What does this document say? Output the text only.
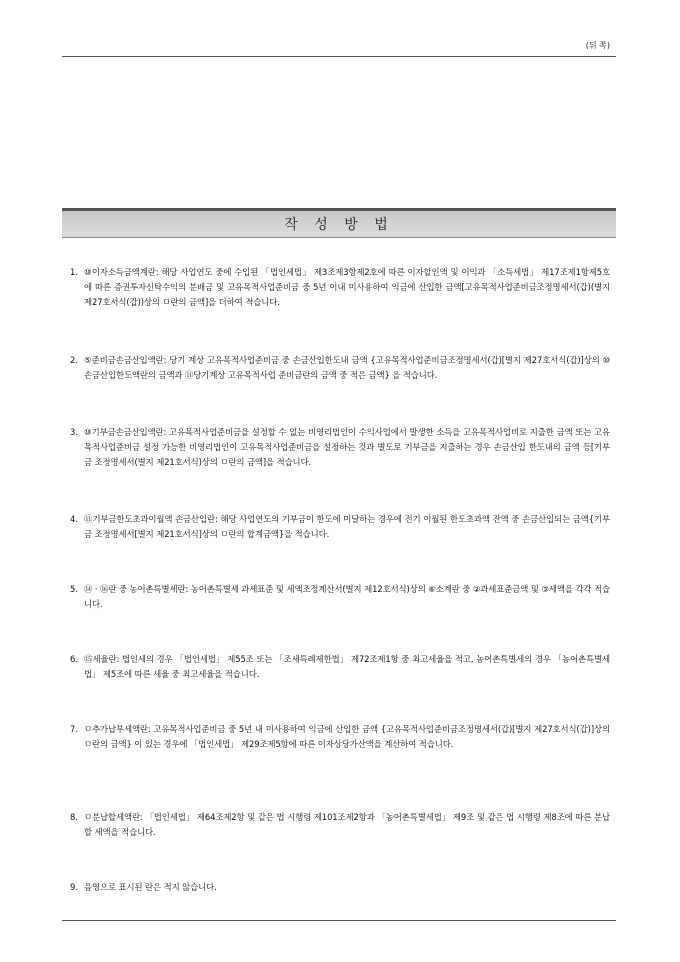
(뒤 쪽)
작 성 방 법
1. ⑩이자소득금액계란: 해당 사업연도 중에 수입된 「법인세법」 제3조제3항제2호에 따른 이자할인액 및 이익과 「소득세법」 제17조제1항제5호에 따른 증권투자신탁수익의 분배금 및 고유목적사업준비금 중 5년 이내 미사용하여 익금에 산입한 금액[고유목적사업준비금조정명세서(갑)(별지 제27호서식(갑))상의 ㅁ란의 금액]을 더하여 적습니다.
2. ⑤준비금손금산입액란: 당기 계상 고유목적사업준비금 중 손금산입한도내 금액 {고유목적사업준비금조정명세서(갑)[별지 제27호서식(갑)]상의 ⑩손금산입한도액란의 금액과 ⑪당기계상 고유목적사업 준비금란의 금액 중 적은 금액} 을 적습니다.
3. ⑩기부금손금산입액란: 고유목적사업준비금을 설정할 수 없는 비영리법인이 수익사업에서 발생한 소득을 고유목적사업비로 지출한 금액 또는 고유목적사업준비금 설정 가능한 비영리법인이 고유목적사업준비금을 설정하는 것과 별도로 기부금을 지출하는 경우 손금산입 한도내의 금액 등[기부금 조정명세서(별지 제21호서식)상의 ㅁ란의 금액]을 적습니다.
4. ⑪기부금한도초과이월액 손금산입란: 해당 사업연도의 기부금이 한도에 미달하는 경우에 전기 이월된 한도초과액 잔액 중 손금산입되는 금액{기부금 조정명세서[별지 제21호서식]상의 ㅁ란의 합계금액}을 적습니다.
5. ⑭ · ⑯란 중 농어촌특별세란: 농어촌특별세 과세표준 및 세액조정계산서(별지 제12호서식)상의 ⑥소계란 중 ②과세표준금액 및 ③세액을 각각 적습니다.
6. ⑮세율란: 법인세의 경우 「법인세법」 제55조 또는 「조세특례제한법」 제72조제1항 중 최고세율을 적고, 농어촌특별세의 경우 「농어촌특별세법」 제5조에 따른 세율 중 최고세율을 적습니다.
7. ㅁ추가납부세액란: 고유목적사업준비금 중 5년 내 미사용하여 익금에 산입한 금액 {고유목적사업준비금조정명세서(갑)[별지 제27호서식(갑)]상의 ㅁ란의 금액} 이 있는 경우에 「법인세법」 제29조제5항에 따른 이자상당가산액을 계산하여 적습니다.
8. ㅁ분납할세액란: 「법인세법」 제64조제2항 및 같은 법 시행령 제101조제2항과 「농어촌특별세법」 제9조 및 같은 법 시행령 제8조에 따른 분납할 세액을 적습니다.
9. 음영으로 표시된 란은 적지 않습니다.
